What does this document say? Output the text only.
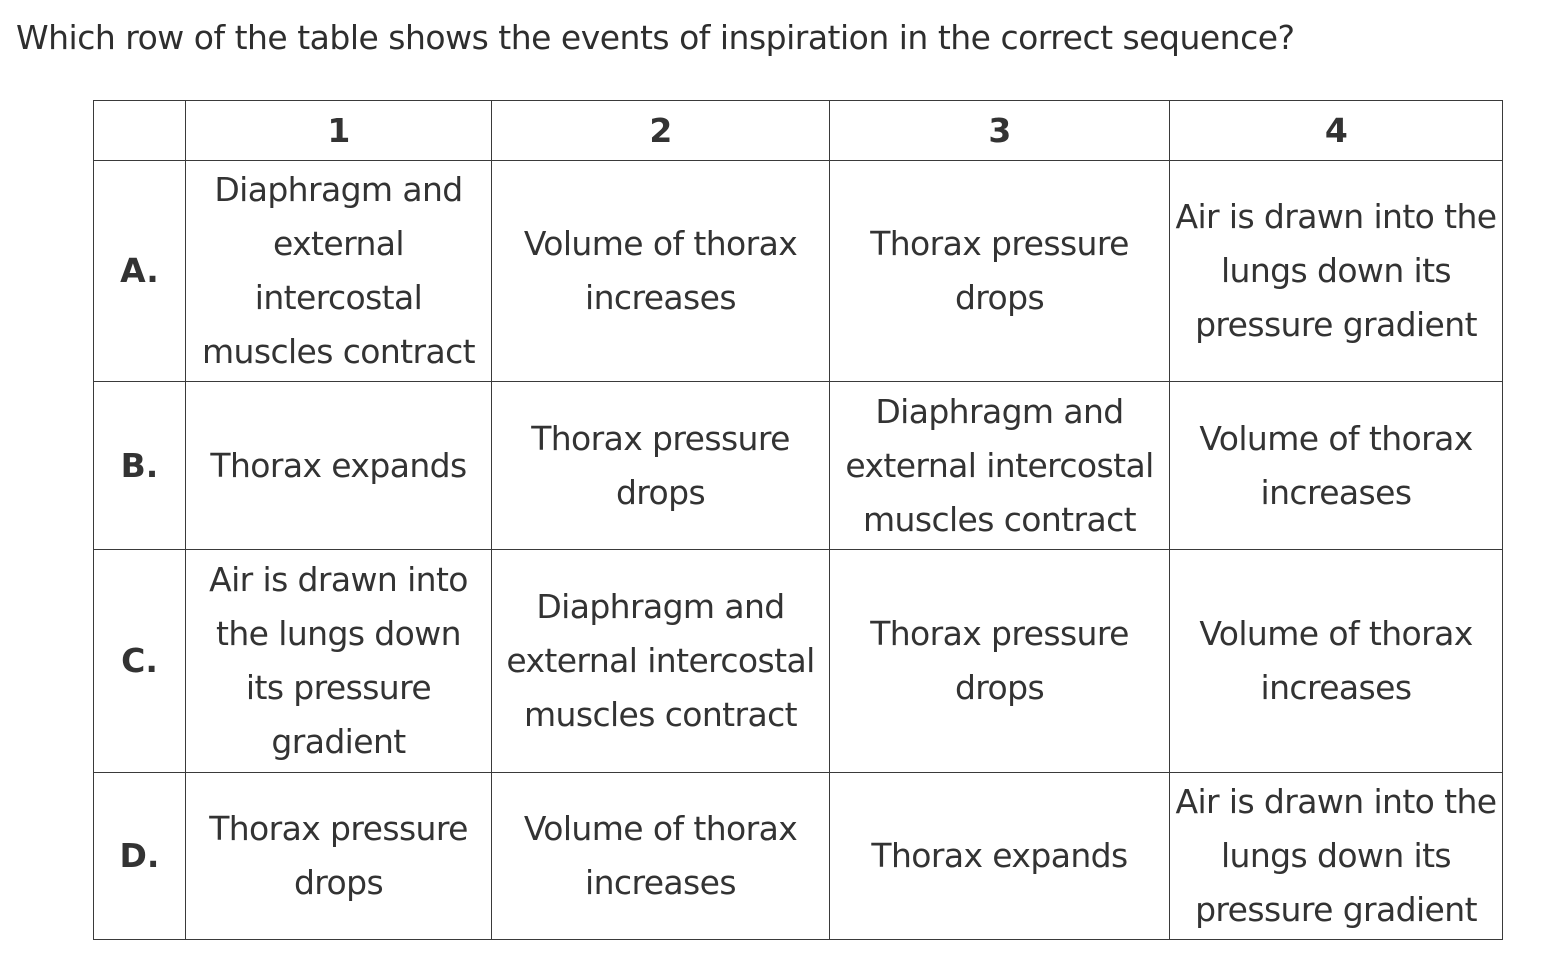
Which row of the table shows the events of inspiration in the correct sequence?
	1	2	3	4
A.	Diaphragm and external intercostal muscles contract	Volume of thorax increases	Thorax pressure drops	Air is drawn into the lungs down its pressure gradient

B.	Thorax expands	Thorax pressure drops	Diaphragm and external intercostal muscles contract	Volume of thorax increases

C.	Air is drawn into the lungs down its pressure gradient	Diaphragm and external intercostal muscles contract	Thorax pressure drops	Volume of thorax increases

D.	Thorax pressure drops	Volume of thorax increases	Thorax expands	Air is drawn into the lungs down its pressure gradient
